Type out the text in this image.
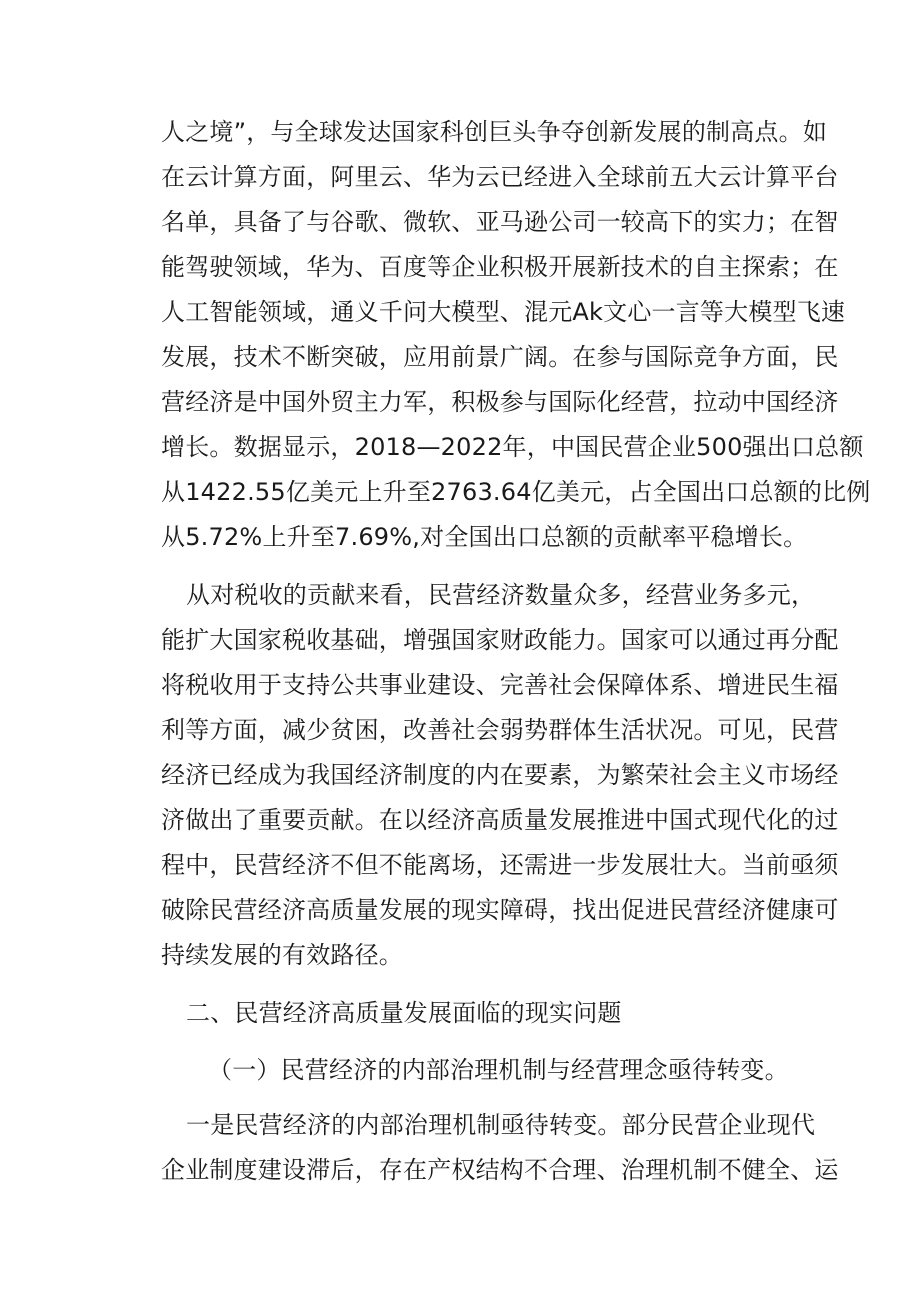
人之境”，与全球发达国家科创巨头争夺创新发展的制高点。如

在云计算方面，阿里云、华为云已经进入全球前五大云计算平台

名单，具备了与谷歌、微软、亚马逊公司一较高下的实力；在智

能驾驶领域，华为、百度等企业积极开展新技术的自主探索；在

人工智能领域，通义千问大模型、混元Ak文心一言等大模型飞速

发展，技术不断突破，应用前景广阔。在参与国际竞争方面，民

营经济是中国外贸主力军，积极参与国际化经营，拉动中国经济

增长。数据显示，2018—2022年，中国民营企业500强出口总额

从1422.55亿美元上升至2763.64亿美元，占全国出口总额的比例

从5.72%上升至7.69%,对全国出口总额的贡献率平稳增长。

从对税收的贡献来看，民营经济数量众多，经营业务多元，

能扩大国家税收基础，增强国家财政能力。国家可以通过再分配

将税收用于支持公共事业建设、完善社会保障体系、增进民生福

利等方面，减少贫困，改善社会弱势群体生活状况。可见，民营

经济已经成为我国经济制度的内在要素，为繁荣社会主义市场经

济做出了重要贡献。在以经济高质量发展推进中国式现代化的过

程中，民营经济不但不能离场，还需进一步发展壮大。当前亟须

破除民营经济高质量发展的现实障碍，找出促进民营经济健康可

持续发展的有效路径。

二、民营经济高质量发展面临的现实问题

（一）民营经济的内部治理机制与经营理念亟待转变。

一是民营经济的内部治理机制亟待转变。部分民营企业现代

企业制度建设滞后，存在产权结构不合理、治理机制不健全、运
